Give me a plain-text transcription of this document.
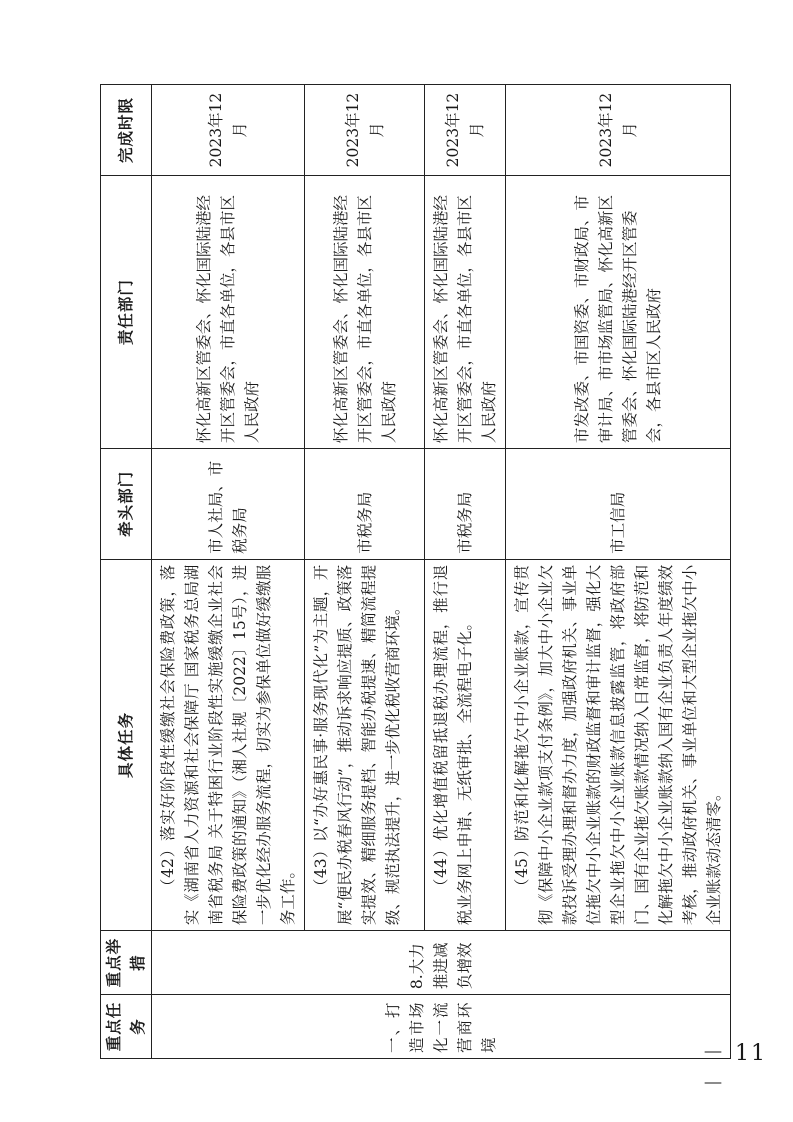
重点任务	重点举措	具体任务	牵头部门	责任部门	完成时限
一、打造市场化一流营商环境	8.大力推进减负增效	（42）落实好阶段性缓缴社会保险费政策，落实《湖南省人力资源和社会保障厅 国家税务总局湖南省税务局 关于特困行业阶段性实施缓缴企业社会保险费政策的通知》（湘人社规〔2022〕15号），进一步优化经办服务流程，切实为参保单位做好缓缴服务工作。	市人社局、市税务局	怀化高新区管委会、怀化国际陆港经开区管委会，市直各单位，各县市区人民政府	2023年12月
		（43）以“办好惠民事·服务现代化”为主题，开展“便民办税春风行动”，推动诉求响应提质、政策落实提效、精细服务提档、智能办税提速、精简流程提级、规范执法提升，进一步优化税收营商环境。	市税务局	怀化高新区管委会、怀化国际陆港经开区管委会，市直各单位，各县市区人民政府	2023年12月
		（44）优化增值税留抵退税办理流程，推行退税业务网上申请、无纸审批、全流程电子化。	市税务局	怀化高新区管委会、怀化国际陆港经开区管委会，市直各单位，各县市区人民政府	2023年12月
		（45）防范和化解拖欠中小企业账款，宣传贯彻《保障中小企业款项支付条例》，加大中小企业欠款投诉受理办理和督办力度，加强政府机关、事业单位拖欠中小企业账款的财政监督和审计监督，强化大型企业拖欠中小企业账款信息披露监管，将政府部门、国有企业拖欠账款情况纳入日常监督，将防范和化解拖欠中小企业账款纳入国有企业负责人年度绩效考核，推动政府机关、事业单位和大型企业拖欠中小企业账款动态清零。	市工信局	市发改委、市国资委、市财政局、市审计局、市市场监管局、怀化高新区管委会、怀化国际陆港经开区管委会，各县市区人民政府	2023年12月
－ 11 －
